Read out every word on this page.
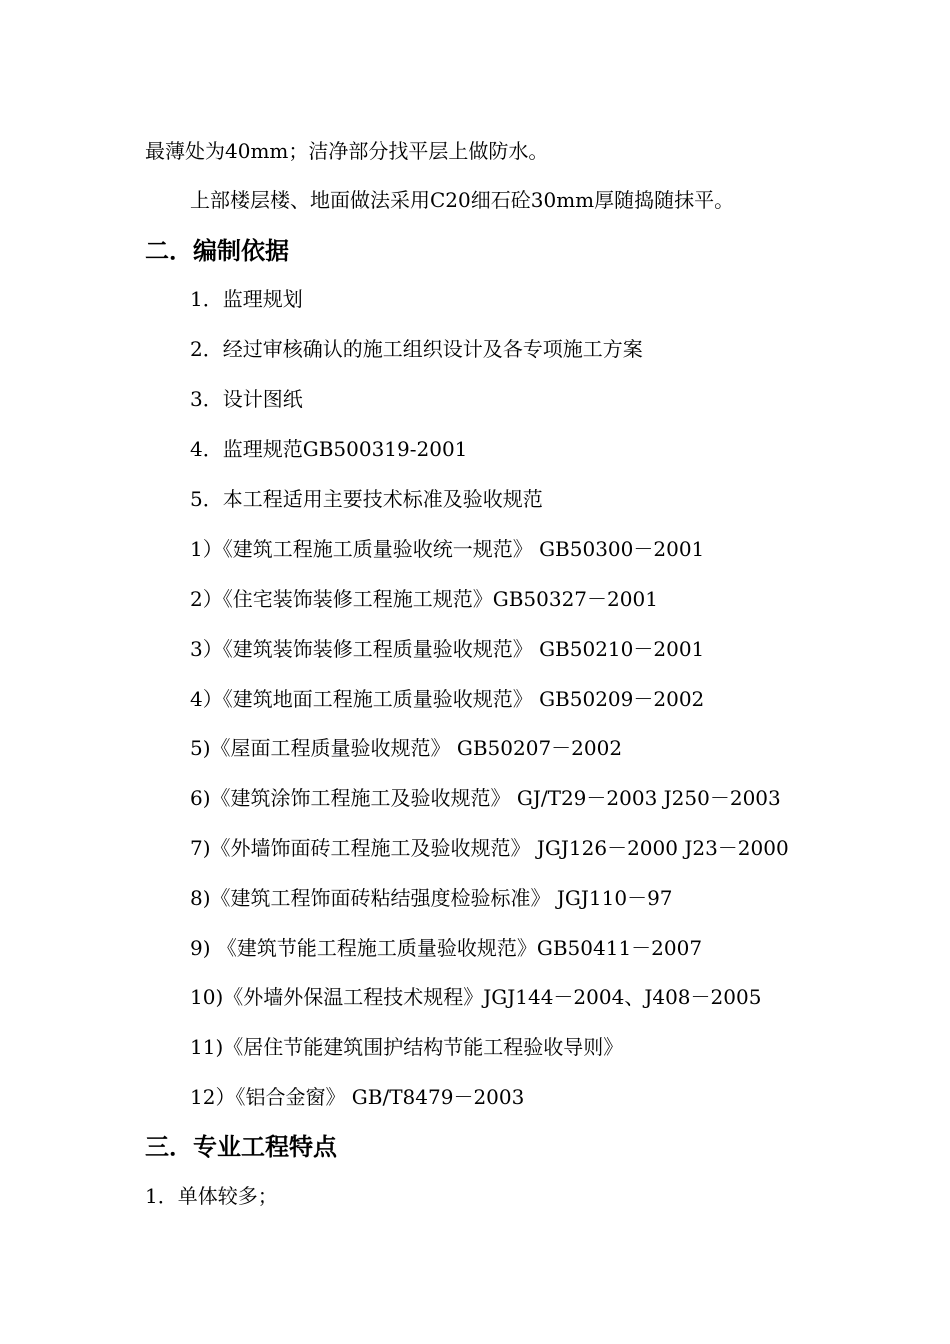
最薄处为40mm；洁净部分找平层上做防水。
上部楼层楼、地面做法采用C20细石砼30mm厚随捣随抹平。
二．编制依据
1．监理规划
2．经过审核确认的施工组织设计及各专项施工方案
3．设计图纸
4．监理规范GB500319-2001
5．本工程适用主要技术标准及验收规范
1）《建筑工程施工质量验收统一规范》 GB50300－2001
2）《住宅装饰装修工程施工规范》GB50327－2001
3）《建筑装饰装修工程质量验收规范》 GB50210－2001
4）《建筑地面工程施工质量验收规范》 GB50209－2002
5)《屋面工程质量验收规范》 GB50207－2002
6)《建筑涂饰工程施工及验收规范》 GJ/T29－2003 J250－2003
7)《外墙饰面砖工程施工及验收规范》 JGJ126－2000 J23－2000
8)《建筑工程饰面砖粘结强度检验标准》 JGJ110－97
9) 《建筑节能工程施工质量验收规范》GB50411－2007
10)《外墙外保温工程技术规程》JGJ144－2004、J408－2005
11)《居住节能建筑围护结构节能工程验收导则》
12）《铝合金窗》 GB/T8479－2003
三．专业工程特点
1．单体较多；
